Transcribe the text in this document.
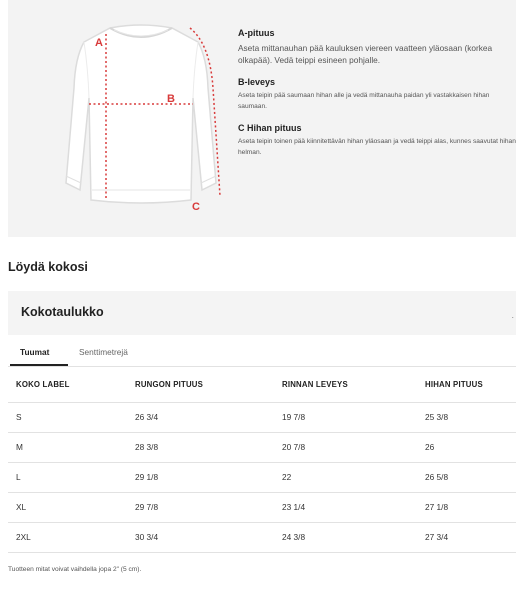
A
B
C
A-pituus
Aseta mittanauhan pää kauluksen viereen vaatteen yläosaan (korkea olkapää). Vedä teippi esineen pohjalle.
B-leveys
Aseta teipin pää saumaan hihan alle ja vedä mittanauha paidan yli vastakkaisen hihan saumaan.
C Hihan pituus
Aseta teipin toinen pää kiinnitettävän hihan yläosaan ja vedä teippi alas, kunnes saavutat hihan helman.
Löydä kokosi
Kokotaulukko	.
Tuumat	Senttimetrejä
KOKO LABEL	RUNGON PITUUS	RINNAN LEVEYS	HIHAN PITUUS
S	26 3/4	19 7/8	25 3/8
M	28 3/8	20 7/8	26
L	29 1/8	22	26 5/8
XL	29 7/8	23 1/4	27 1/8
2XL	30 3/4	24 3/8	27 3/4
Tuotteen mitat voivat vaihdella jopa 2" (5 cm).
